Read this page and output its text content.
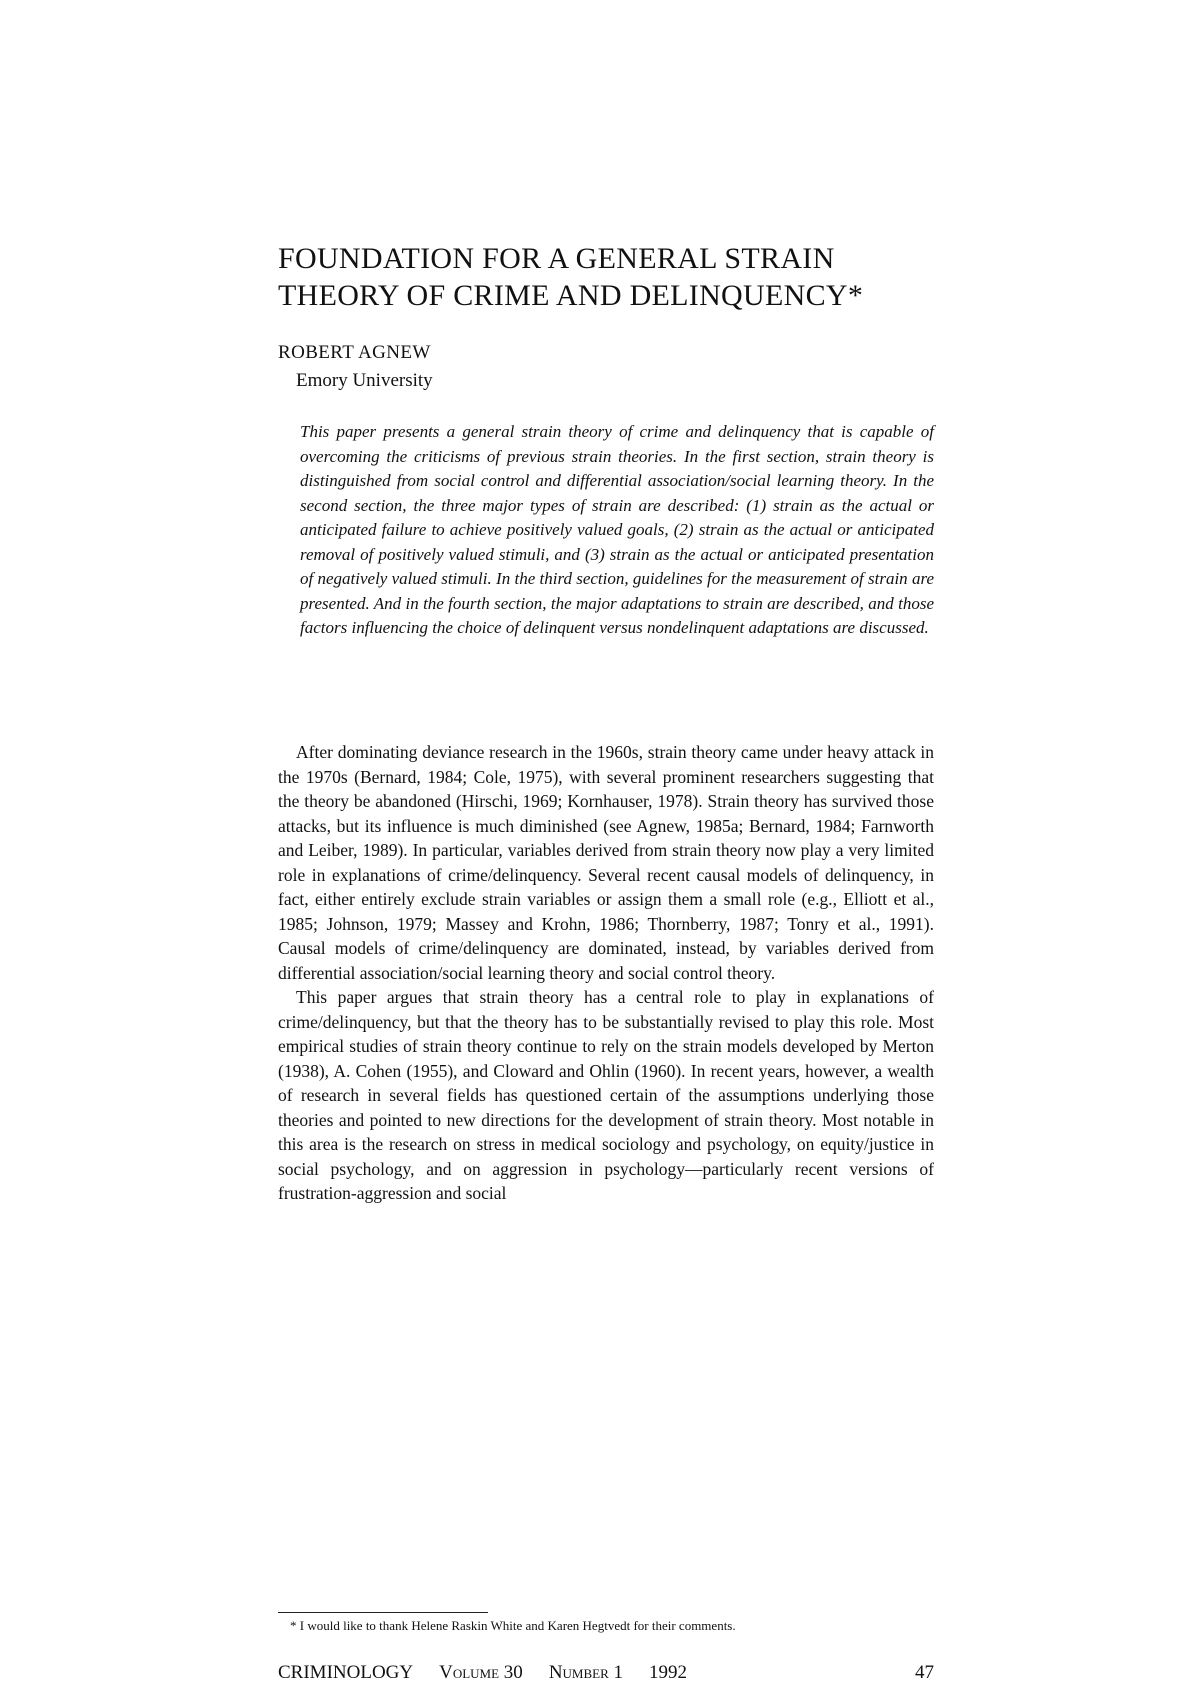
FOUNDATION FOR A GENERAL STRAIN
THEORY OF CRIME AND DELINQUENCY*
ROBERT AGNEW
Emory University

This paper presents a general strain theory of crime and delinquency that is capable of overcoming the criticisms of previous strain theories. In the first section, strain theory is distinguished from social control and differential association/social learning theory. In the second section, the three major types of strain are described: (1) strain as the actual or anticipated failure to achieve positively valued goals, (2) strain as the actual or anticipated removal of positively valued stimuli, and (3) strain as the actual or anticipated presentation of negatively valued stimuli. In the third section, guidelines for the measurement of strain are presented. And in the fourth section, the major adaptations to strain are described, and those factors influencing the choice of delinquent versus nondelinquent adaptations are discussed.

After dominating deviance research in the 1960s, strain theory came under heavy attack in the 1970s (Bernard, 1984; Cole, 1975), with several prominent researchers suggesting that the theory be abandoned (Hirschi, 1969; Kornhauser, 1978). Strain theory has survived those attacks, but its influence is much diminished (see Agnew, 1985a; Bernard, 1984; Farnworth and Leiber, 1989). In particular, variables derived from strain theory now play a very limited role in explanations of crime/delinquency. Several recent causal models of delinquency, in fact, either entirely exclude strain variables or assign them a small role (e.g., Elliott et al., 1985; Johnson, 1979; Massey and Krohn, 1986; Thornberry, 1987; Tonry et al., 1991). Causal models of crime/delinquency are dominated, instead, by variables derived from differential association/social learning theory and social control theory.

This paper argues that strain theory has a central role to play in explanations of crime/delinquency, but that the theory has to be substantially revised to play this role. Most empirical studies of strain theory continue to rely on the strain models developed by Merton (1938), A. Cohen (1955), and Cloward and Ohlin (1960). In recent years, however, a wealth of research in several fields has questioned certain of the assumptions underlying those theories and pointed to new directions for the development of strain theory. Most notable in this area is the research on stress in medical sociology and psychology, on equity/justice in social psychology, and on aggression in psychology—particularly recent versions of frustration-aggression and social

* I would like to thank Helene Raskin White and Karen Hegtvedt for their comments.
CRIMINOLOGY Volume 30 Number 1 1992	47
